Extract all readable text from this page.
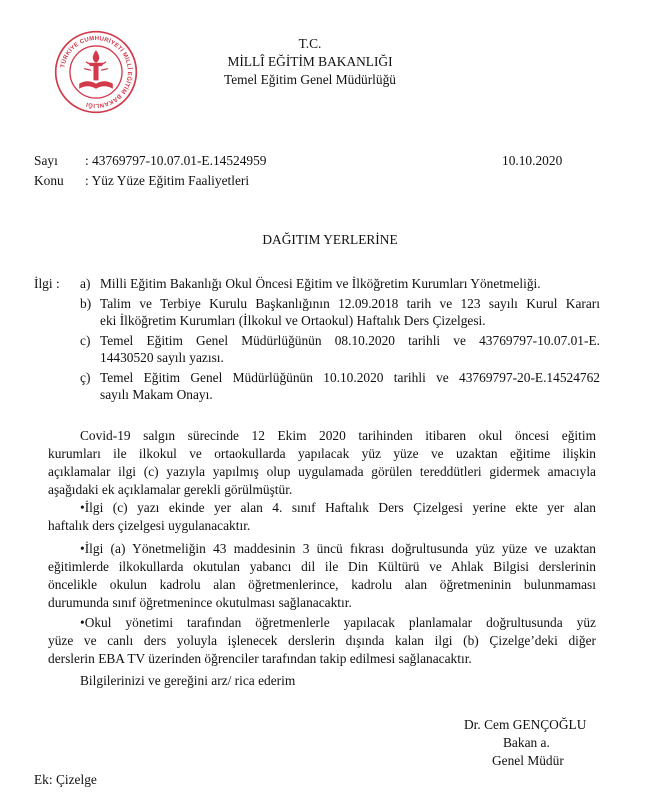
TÜRKİYE CUMHURİYETİ MİLLÎ EĞİTİM BAKANLIĞI
T.C.
MİLLÎ EĞİTİM BAKANLIĞI
Temel Eğitim Genel Müdürlüğü
Sayı : 43769797-10.07.01-E.14524959	10.10.2020
Konu : Yüz Yüze Eğitim Faaliyetleri
DAĞITIM YERLERİNE
İlgi : a) Milli Eğitim Bakanlığı Okul Öncesi Eğitim ve İlköğretim Kurumları Yönetmeliği.
b) Talim ve Terbiye Kurulu Başkanlığının 12.09.2018 tarih ve 123 sayılı Kurul Kararı
eki İlköğretim Kurumları (İlkokul ve Ortaokul) Haftalık Ders Çizelgesi.
c) Temel Eğitim Genel Müdürlüğünün 08.10.2020 tarihli ve 43769797-10.07.01-E.
14430520 sayılı yazısı.
ç) Temel Eğitim Genel Müdürlüğünün 10.10.2020 tarihli ve 43769797-20-E.14524762
sayılı Makam Onayı.
Covid-19 salgın sürecinde 12 Ekim 2020 tarihinden itibaren okul öncesi eğitim
kurumları ile ilkokul ve ortaokullarda yapılacak yüz yüze ve uzaktan eğitime ilişkin
açıklamalar ilgi (c) yazıyla yapılmış olup uygulamada görülen tereddütleri gidermek amacıyla
aşağıdaki ek açıklamalar gerekli görülmüştür.
•İlgi (c) yazı ekinde yer alan 4. sınıf Haftalık Ders Çizelgesi yerine ekte yer alan
haftalık ders çizelgesi uygulanacaktır.
•İlgi (a) Yönetmeliğin 43 maddesinin 3 üncü fıkrası doğrultusunda yüz yüze ve uzaktan
eğitimlerde ilkokullarda okutulan yabancı dil ile Din Kültürü ve Ahlak Bilgisi derslerinin
öncelikle okulun kadrolu alan öğretmenlerince, kadrolu alan öğretmeninin bulunmaması
durumunda sınıf öğretmenince okutulması sağlanacaktır.
•Okul yönetimi tarafından öğretmenlerle yapılacak planlamalar doğrultusunda yüz
yüze ve canlı ders yoluyla işlenecek derslerin dışında kalan ilgi (b) Çizelge’deki diğer
derslerin EBA TV üzerinden öğrenciler tarafından takip edilmesi sağlanacaktır.
Bilgilerinizi ve gereğini arz/ rica ederim
Dr. Cem GENÇOĞLU
Bakan a.
Genel Müdür
Ek: Çizelge
